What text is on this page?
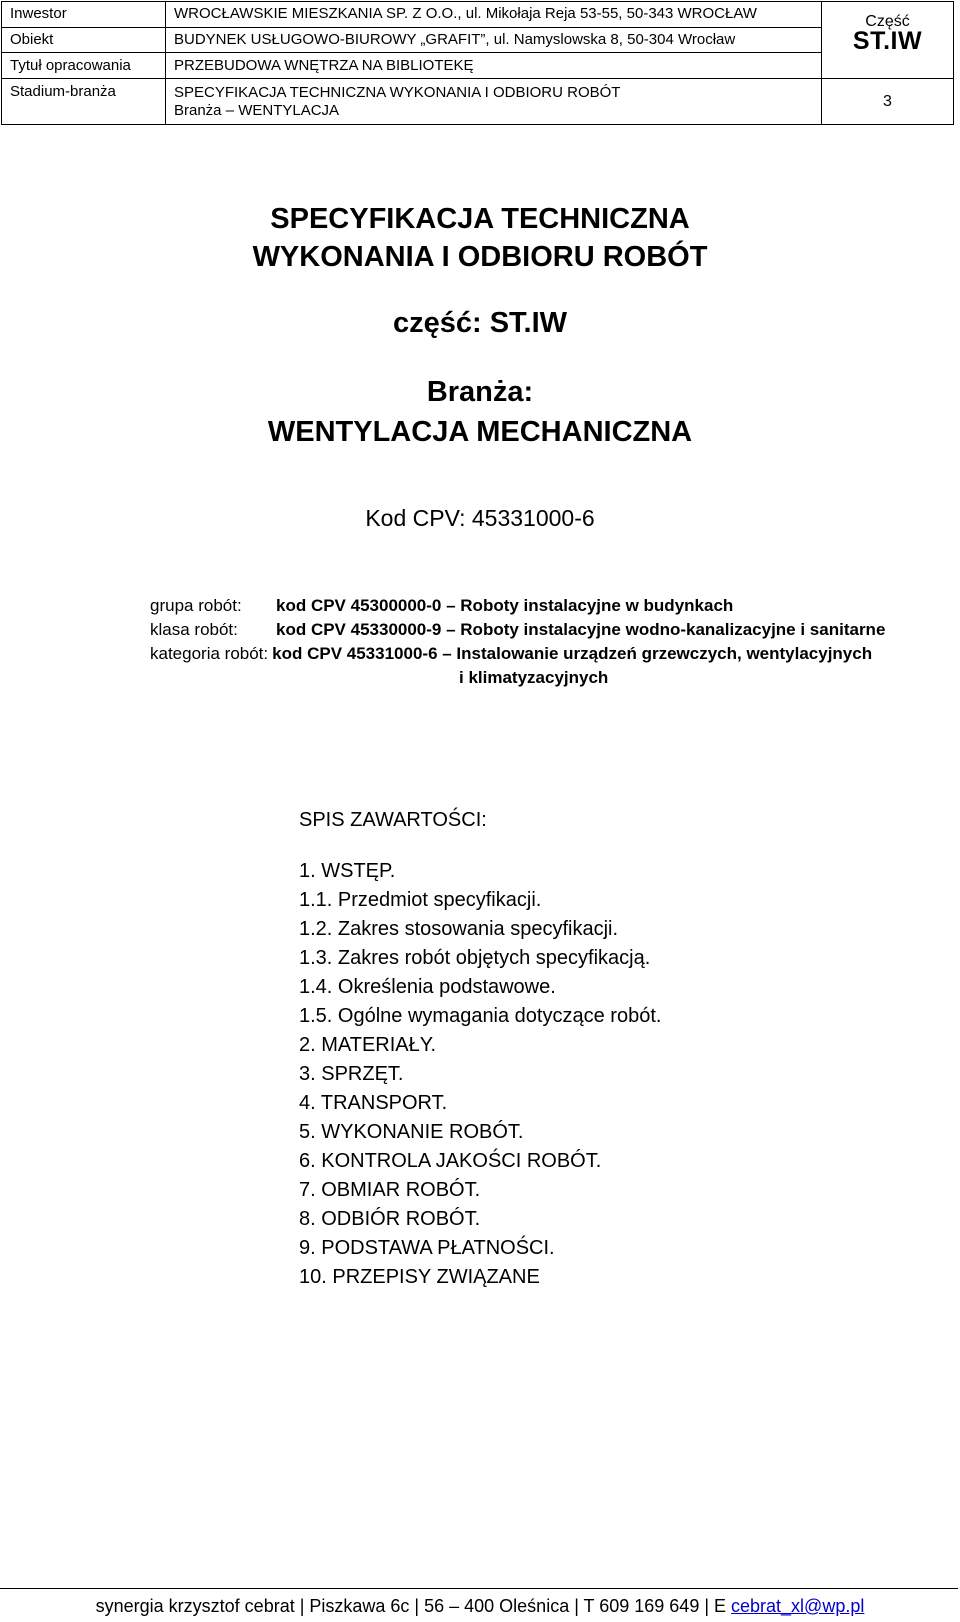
Inwestor	WROCŁAWSKIE MIESZKANIA SP. Z O.O., ul. Mikołaja Reja 53-55, 50-343 WROCŁAW	Część
ST.IW

Obiekt	BUDYNEK USŁUGOWO-BIUROWY „GRAFIT”, ul. Namyslowska 8, 50-304 Wrocław	
Tytuł opracowania	PRZEBUDOWA WNĘTRZA NA BIBLIOTEKĘ	
Stadium-branża	SPECYFIKACJA TECHNICZNA WYKONANIA I ODBIORU ROBÓT
Branża – WENTYLACJA	3
SPECYFIKACJA TECHNICZNA
WYKONANIA I ODBIORU ROBÓT
część: ST.IW
Branża:
WENTYLACJA MECHANICZNA
Kod CPV: 45331000-6
grupa robót:	kod CPV 45300000-0 – Roboty instalacyjne w budynkach
klasa robót:	kod CPV 45330000-9 – Roboty instalacyjne wodno-kanalizacyjne i sanitarne
kategoria robót: kod CPV 45331000-6 – Instalowanie urządzeń grzewczych, wentylacyjnych
i klimatyzacyjnych
SPIS ZAWARTOŚCI:
1. WSTĘP.
1.1. Przedmiot specyfikacji.
1.2. Zakres stosowania specyfikacji.
1.3. Zakres robót objętych specyfikacją.
1.4. Określenia podstawowe.
1.5. Ogólne wymagania dotyczące robót.
2. MATERIAŁY.
3. SPRZĘT.
4. TRANSPORT.
5. WYKONANIE ROBÓT.
6. KONTROLA JAKOŚCI ROBÓT.
7. OBMIAR ROBÓT.
8. ODBIÓR ROBÓT.
9. PODSTAWA PŁATNOŚCI.
10. PRZEPISY ZWIĄZANE
synergia krzysztof cebrat | Piszkawa 6c | 56 – 400 Oleśnica | T 609 169 649 | E cebrat_xl@wp.pl
